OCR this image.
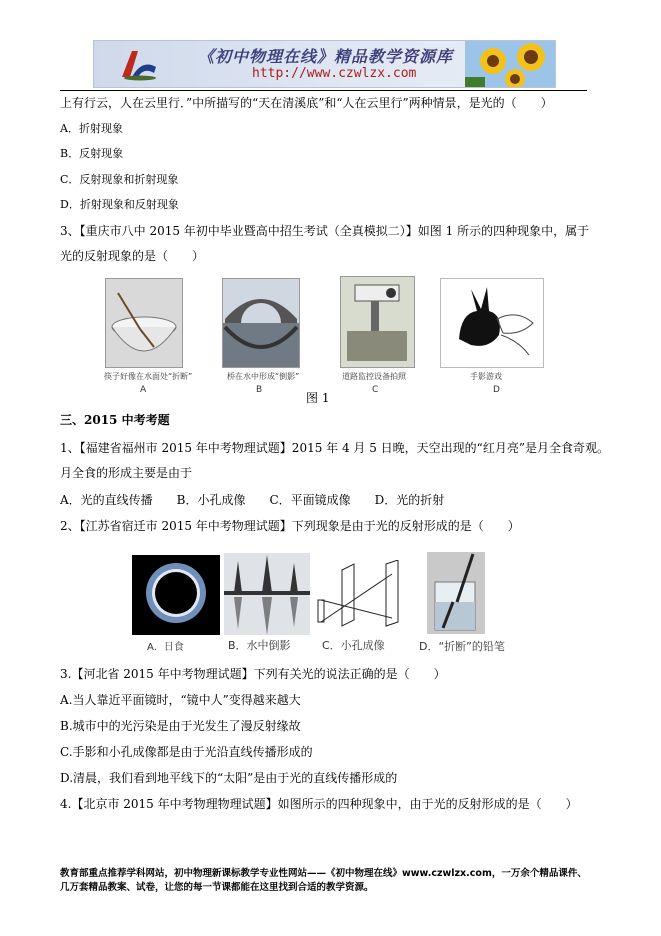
《初中物理在线》精品教学资源库
http://www.czwlzx.com
上有行云，人在云里行．”中所描写的“天在清溪底”和“人在云里行”两种情景，是光的（　　）
A．折射现象
B．反射现象
C．反射现象和折射现象
D．折射现象和反射现象
3、【重庆市八中 2015 年初中毕业暨高中招生考试（全真模拟二）】如图 1 所示的四种现象中，属于
光的反射现象的是（　　）
筷子好像在水面处“折断”
A
桥在水中形成“倒影”
B
道路监控设备拍照
C
手影游戏
D
图 1
三、2015 中考考题
1、【福建省福州市 2015 年中考物理试题】2015 年 4 月 5 日晚，天空出现的“红月亮”是月全食奇观。
月全食的形成主要是由于
A．光的直线传播　　B．小孔成像　　C．平面镜成像　　D．光的折射
2、【江苏省宿迁市 2015 年中考物理试题】下列现象是由于光的反射形成的是（　　）
A．日食	B．水中倒影	C．小孔成像	D．“折断”的铅笔
3.【河北省 2015 年中考物理试题】下列有关光的说法正确的是（　　）
A.当人靠近平面镜时，“镜中人”变得越来越大
B.城市中的光污染是由于光发生了漫反射缘故
C.手影和小孔成像都是由于光沿直线传播形成的
D.清晨，我们看到地平线下的“太阳”是由于光的直线传播形成的
4.【北京市 2015 年中考物理物理试题】如图所示的四种现象中，由于光的反射形成的是（　　）
教育部重点推荐学科网站，初中物理新课标教学专业性网站——《初中物理在线》www.czwlzx.com，一万余个精品课件、
几万套精品教案、试卷，让您的每一节课都能在这里找到合适的教学资源。
